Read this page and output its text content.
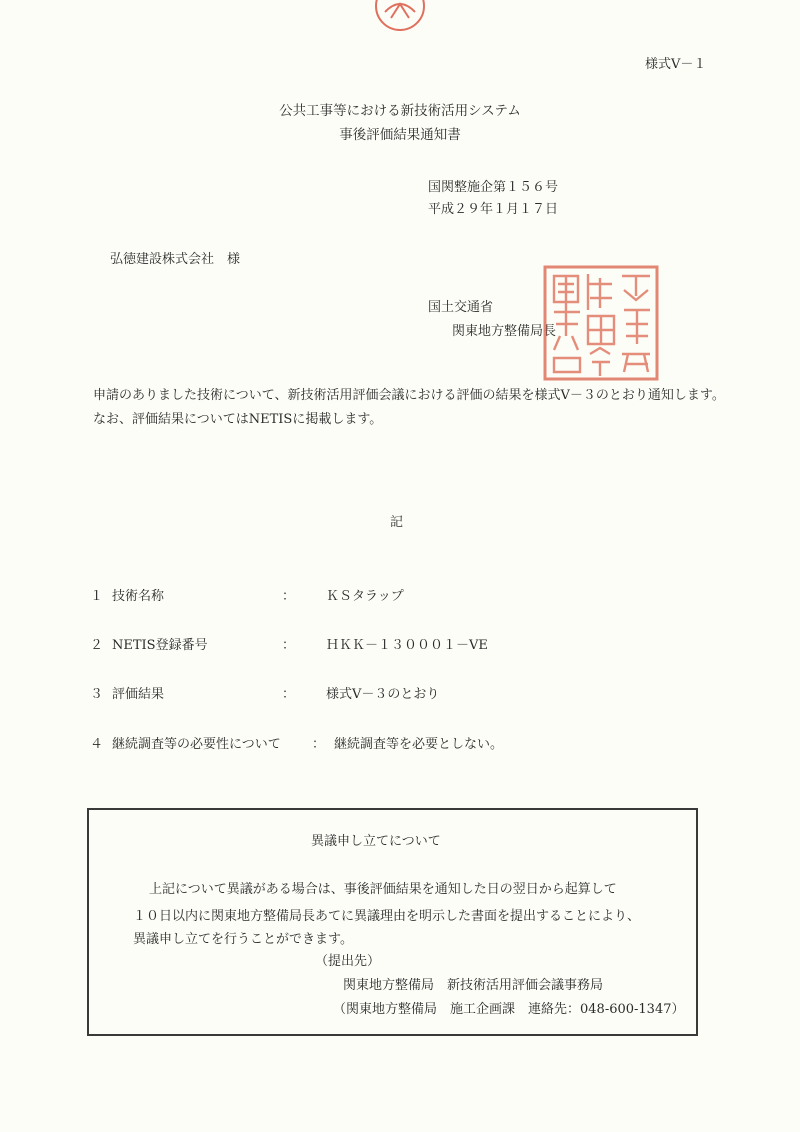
様式Ⅴ－１
公共工事等における新技術活用システム
事後評価結果通知書
国関整施企第１５６号
平成２９年１月１７日
弘徳建設株式会社　様
国土交通省
関東地方整備局長

申請のありました技術について、新技術活用評価会議における評価の結果を様式Ⅴ－３のとおり通知します。

なお、評価結果についてはNETISに掲載します。

記
１ 技術名称	： ＫＳタラップ
２ NETIS登録番号	： ＨＫＫ－１３０００１－VE
３ 評価結果	： 様式Ⅴ－３のとおり
４ 継続調査等の必要性について ： 継続調査等を必要としない。
異議申し立てについて
上記について異議がある場合は、事後評価結果を通知した日の翌日から起算して
１０日以内に関東地方整備局長あてに異議理由を明示した書面を提出することにより、
異議申し立てを行うことができます。
（提出先）
関東地方整備局　新技術活用評価会議事務局
（関東地方整備局　施工企画課　連絡先：048-600-1347）
